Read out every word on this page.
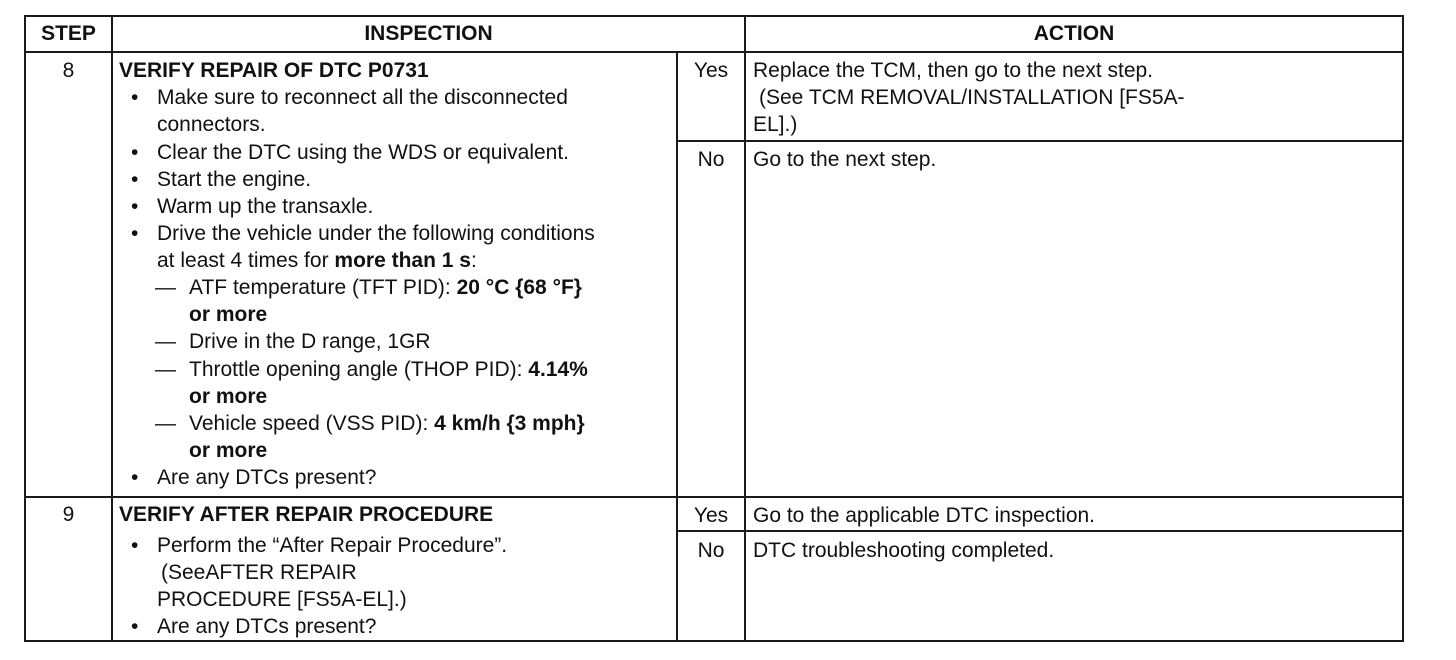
STEP	INSPECTION	ACTION
8	VERIFY REPAIR OF DTC P0731
• Make sure to reconnect all the disconnected
connectors.
• Clear the DTC using the WDS or equivalent.
• Start the engine.
• Warm up the transaxle.
• Drive the vehicle under the following conditions
at least 4 times for more than 1 s:
— ATF temperature (TFT PID): 20 °C {68 °F}
or more
— Drive in the D range, 1GR
— Throttle opening angle (THOP PID): 4.14%
or more
— Vehicle speed (VSS PID): 4 km/h {3 mph}
or more
• Are any DTCs present?
Yes	Replace the TCM, then go to the next step.
(See TCM REMOVAL/INSTALLATION [FS5A-
EL].)
No	Go to the next step.
9	VERIFY AFTER REPAIR PROCEDURE
• Perform the “After Repair Procedure”.
(SeeAFTER REPAIR
PROCEDURE [FS5A-EL].)
• Are any DTCs present?
Yes	Go to the applicable DTC inspection.
No	DTC troubleshooting completed.
